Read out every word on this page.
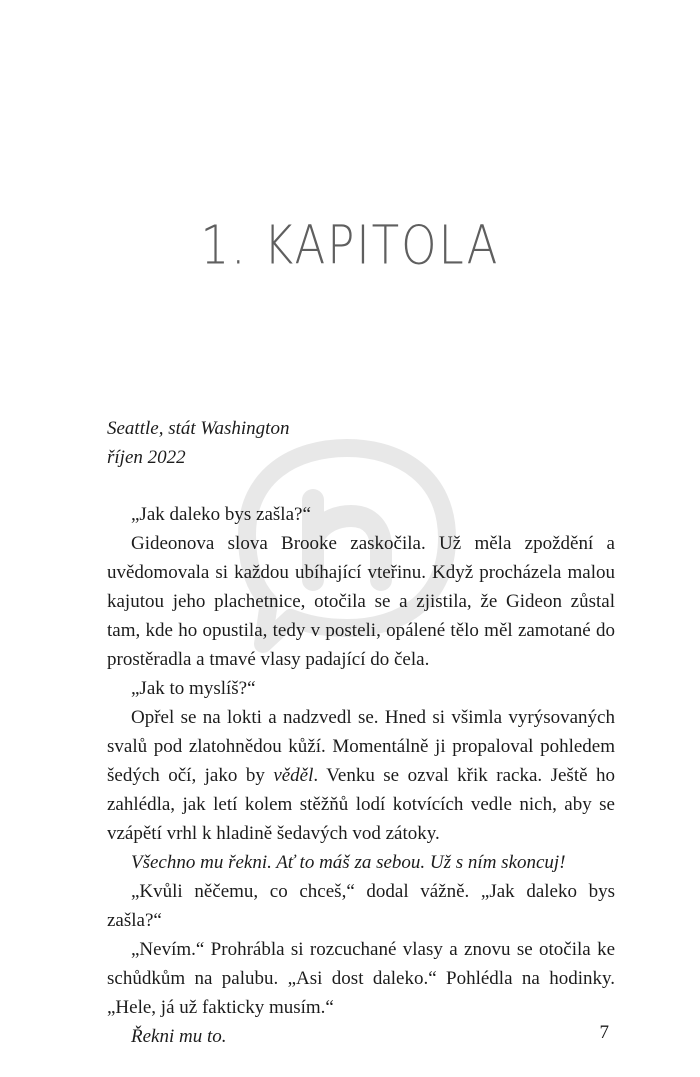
1. KAPITOLA

Seattle, stát Washington

říjen 2022

„Jak daleko bys zašla?“

Gideonova slova Brooke zaskočila. Už měla zpoždění a uvědomovala si každou ubíhající vteřinu. Když procházela malou kajutou jeho plachetnice, otočila se a zjistila, že Gideon zůstal tam, kde ho opustila, tedy v posteli, opálené tělo měl zamotané do prostěradla a tmavé vlasy padající do čela.

„Jak to myslíš?“

Opřel se na lokti a nadzvedl se. Hned si všimla vyrýsovaných svalů pod zlatohnědou kůží. Momentálně ji propaloval pohledem šedých očí, jako by věděl. Venku se ozval křik racka. Ještě ho zahlédla, jak letí kolem stěžňů lodí kotvících vedle nich, aby se vzápětí vrhl k hladině šedavých vod zátoky.

Všechno mu řekni. Ať to máš za sebou. Už s ním skoncuj!

„Kvůli něčemu, co chceš,“ dodal vážně. „Jak daleko bys zašla?“

„Nevím.“ Prohrábla si rozcuchané vlasy a znovu se otočila ke schůdkům na palubu. „Asi dost daleko.“ Pohlédla na hodinky. „Hele, já už fakticky musím.“

Řekni mu to.	7
